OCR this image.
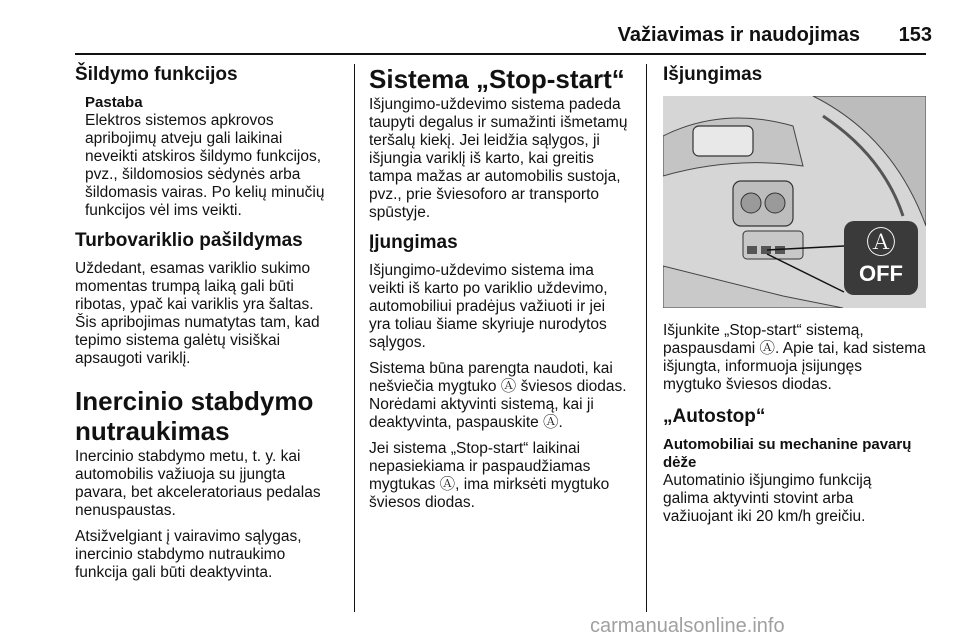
Važiavimas ir naudojimas	153
Šildymo funkcijos
Pastaba

Elektros sistemos apkrovos
apribojimų atveju gali laikinai
neveikti atskiros šildymo funkcijos,
pvz., šildomosios sėdynės arba
šildomasis vairas. Po kelių minučių
funkcijos vėl ims veikti.

Turbovariklio pašildymas

Uždedant, esamas variklio sukimo
momentas trumpą laiką gali būti
ribotas, ypač kai variklis yra šaltas.
Šis apribojimas numatytas tam, kad
tepimo sistema galėtų visiškai
apsaugoti variklį.

Inercinio stabdymo
nutraukimas

Inercinio stabdymo metu, t. y. kai
automobilis važiuoja su įjungta
pavara, bet akceleratoriaus pedalas
nenuspaustas.

Atsižvelgiant į vairavimo sąlygas,
inercinio stabdymo nutraukimo
funkcija gali būti deaktyvinta.

Sistema „Stop-start“

Išjungimo-uždevimo sistema padeda
taupyti degalus ir sumažinti išmetamų
teršalų kiekį. Jei leidžia sąlygos, ji
išjungia variklį iš karto, kai greitis
tampa mažas ar automobilis sustoja,
pvz., prie šviesoforo ar transporto
spūstyje.

Įjungimas

Išjungimo-uždevimo sistema ima
veikti iš karto po variklio uždevimo,
automobiliui pradėjus važiuoti ir jei
yra toliau šiame skyriuje nurodytos
sąlygos.

Sistema būna parengta naudoti, kai
nešviečia mygtuko Ⓐ šviesos diodas.
Norėdami aktyvinti sistemą, kai ji
deaktyvinta, paspauskite Ⓐ.

Jei sistema „Stop-start“ laikinai
nepasiekiama ir paspaudžiamas
mygtukas Ⓐ, ima mirksėti mygtuko
šviesos diodas.

Išjungimas
Ⓐ
OFF

Išjunkite „Stop-start“ sistemą,
paspausdami Ⓐ. Apie tai, kad sistema
išjungta, informuoja įsijungęs
mygtuko šviesos diodas.

„Autostop“
Automobiliai su mechanine pavarų
dėže

Automatinio išjungimo funkciją
galima aktyvinti stovint arba
važiuojant iki 20 km/h greičiu.

carmanualsonline.info
